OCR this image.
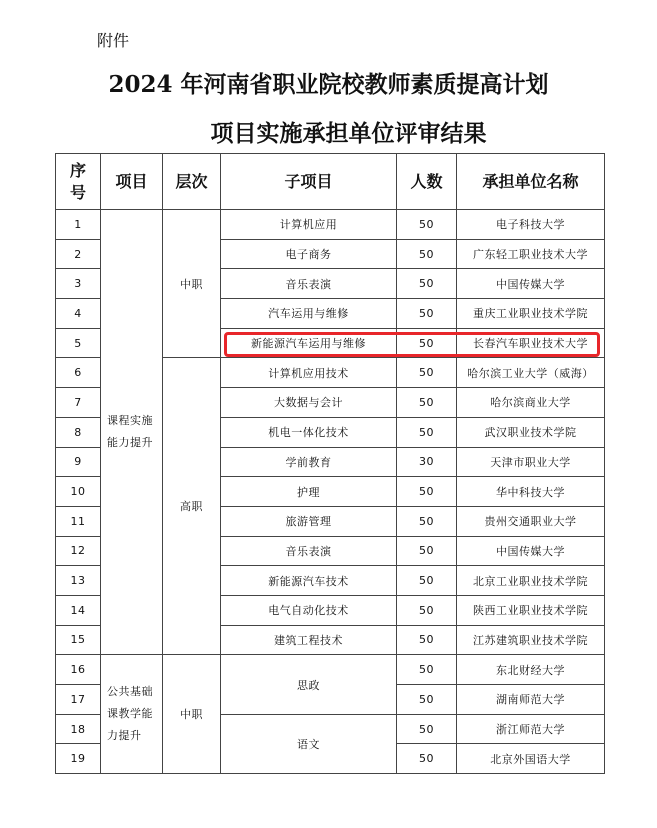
附件
2024 年河南省职业院校教师素质提高计划
项目实施承担单位评审结果
序号	项目	层次	子项目	人数	承担单位名称
1	课程实施能力提升	中职	计算机应用	50	电子科技大学
2			电子商务	50	广东轻工职业技术大学
3			音乐表演	50	中国传媒大学
4			汽车运用与维修	50	重庆工业职业技术学院
5			新能源汽车运用与维修	50	长春汽车职业技术大学
6		高职	计算机应用技术	50	哈尔滨工业大学（威海）
7			大数据与会计	50	哈尔滨商业大学
8			机电一体化技术	50	武汉职业技术学院
9			学前教育	30	天津市职业大学
10			护理	50	华中科技大学
11			旅游管理	50	贵州交通职业大学
12			音乐表演	50	中国传媒大学
13			新能源汽车技术	50	北京工业职业技术学院
14			电气自动化技术	50	陕西工业职业技术学院
15			建筑工程技术	50	江苏建筑职业技术学院
16	公共基础课教学能力提升	中职	思政	50	东北财经大学
17				50	湖南师范大学
18			语文	50	浙江师范大学
19				50	北京外国语大学
